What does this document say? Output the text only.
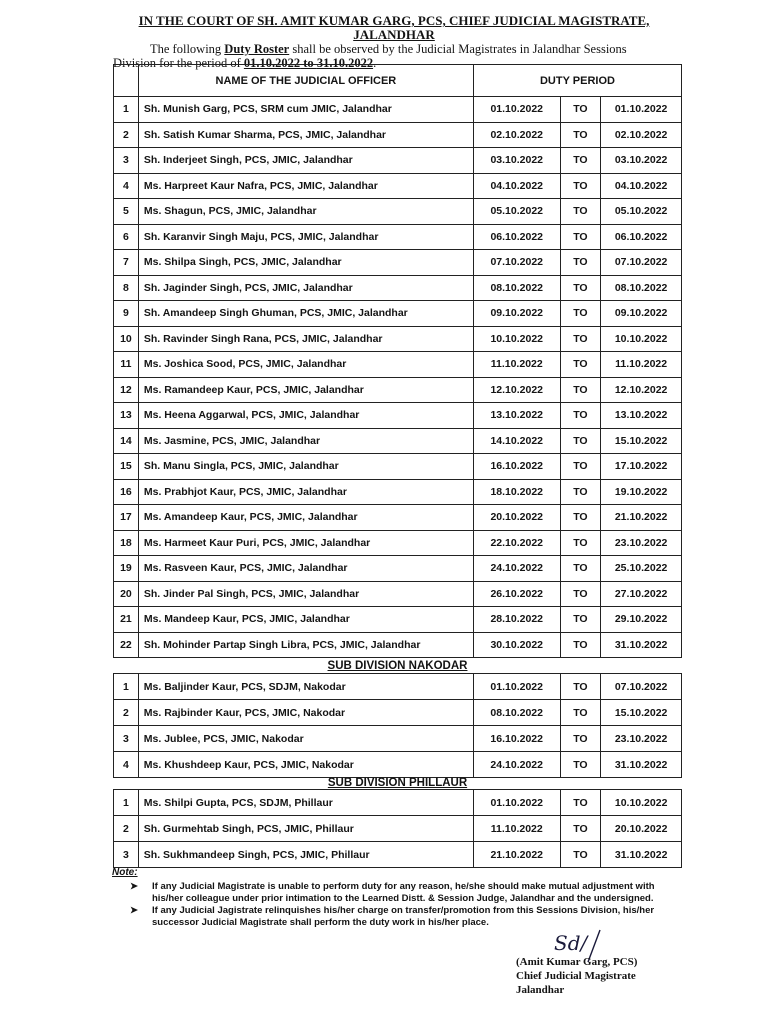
IN THE COURT OF SH. AMIT KUMAR GARG, PCS, CHIEF JUDICIAL MAGISTRATE,
JALANDHAR
The following Duty Roster shall be observed by the Judicial Magistrates in Jalandhar Sessions
Division for the period of 01.10.2022 to 31.10.2022.
	NAME OF THE JUDICIAL OFFICER	DUTY PERIOD		
1	Sh. Munish Garg, PCS, SRM cum JMIC, Jalandhar	01.10.2022	TO	01.10.2022
2	Sh. Satish Kumar Sharma, PCS, JMIC, Jalandhar	02.10.2022	TO	02.10.2022
3	Sh. Inderjeet Singh, PCS, JMIC, Jalandhar	03.10.2022	TO	03.10.2022
4	Ms. Harpreet Kaur Nafra, PCS, JMIC, Jalandhar	04.10.2022	TO	04.10.2022
5	Ms. Shagun, PCS, JMIC, Jalandhar	05.10.2022	TO	05.10.2022
6	Sh. Karanvir Singh Maju, PCS, JMIC, Jalandhar	06.10.2022	TO	06.10.2022
7	Ms. Shilpa Singh, PCS, JMIC, Jalandhar	07.10.2022	TO	07.10.2022
8	Sh. Jaginder Singh, PCS, JMIC, Jalandhar	08.10.2022	TO	08.10.2022
9	Sh. Amandeep Singh Ghuman, PCS, JMIC, Jalandhar	09.10.2022	TO	09.10.2022
10	Sh. Ravinder Singh Rana, PCS, JMIC, Jalandhar	10.10.2022	TO	10.10.2022
11	Ms. Joshica Sood, PCS, JMIC, Jalandhar	11.10.2022	TO	11.10.2022
12	Ms. Ramandeep Kaur, PCS, JMIC, Jalandhar	12.10.2022	TO	12.10.2022
13	Ms. Heena Aggarwal, PCS, JMIC, Jalandhar	13.10.2022	TO	13.10.2022
14	Ms. Jasmine, PCS, JMIC, Jalandhar	14.10.2022	TO	15.10.2022
15	Sh. Manu Singla, PCS, JMIC, Jalandhar	16.10.2022	TO	17.10.2022
16	Ms. Prabhjot Kaur, PCS, JMIC, Jalandhar	18.10.2022	TO	19.10.2022
17	Ms. Amandeep Kaur, PCS, JMIC, Jalandhar	20.10.2022	TO	21.10.2022
18	Ms. Harmeet Kaur Puri, PCS, JMIC, Jalandhar	22.10.2022	TO	23.10.2022
19	Ms. Rasveen Kaur, PCS, JMIC, Jalandhar	24.10.2022	TO	25.10.2022
20	Sh. Jinder Pal Singh, PCS, JMIC, Jalandhar	26.10.2022	TO	27.10.2022
21	Ms. Mandeep Kaur, PCS, JMIC, Jalandhar	28.10.2022	TO	29.10.2022
22	Sh. Mohinder Partap Singh Libra, PCS, JMIC, Jalandhar	30.10.2022	TO	31.10.2022
SUB DIVISION NAKODAR
1	Ms. Baljinder Kaur, PCS, SDJM, Nakodar	01.10.2022	TO	07.10.2022
2	Ms. Rajbinder Kaur, PCS, JMIC, Nakodar	08.10.2022	TO	15.10.2022
3	Ms. Jublee, PCS, JMIC, Nakodar	16.10.2022	TO	23.10.2022
4	Ms. Khushdeep Kaur, PCS, JMIC, Nakodar	24.10.2022	TO	31.10.2022
SUB DIVISION PHILLAUR
1	Ms. Shilpi Gupta, PCS, SDJM, Phillaur	01.10.2022	TO	10.10.2022
2	Sh. Gurmehtab Singh, PCS, JMIC, Phillaur	11.10.2022	TO	20.10.2022
3	Sh. Sukhmandeep Singh, PCS, JMIC, Phillaur	21.10.2022	TO	31.10.2022
Note:
➤	If any Judicial Magistrate is unable to perform duty for any reason, he/she should make mutual adjustment with his/her colleague under prior intimation to the Learned Distt. & Session Judge, Jalandhar and the undersigned.
➤	If any Judicial Jagistrate relinquishes his/her charge on transfer/promotion from this Sessions Division, his/her successor Judicial Magistrate shall perform the duty work in his/her place.
Sd/
(Amit Kumar Garg, PCS)
Chief Judicial Magistrate
Jalandhar
